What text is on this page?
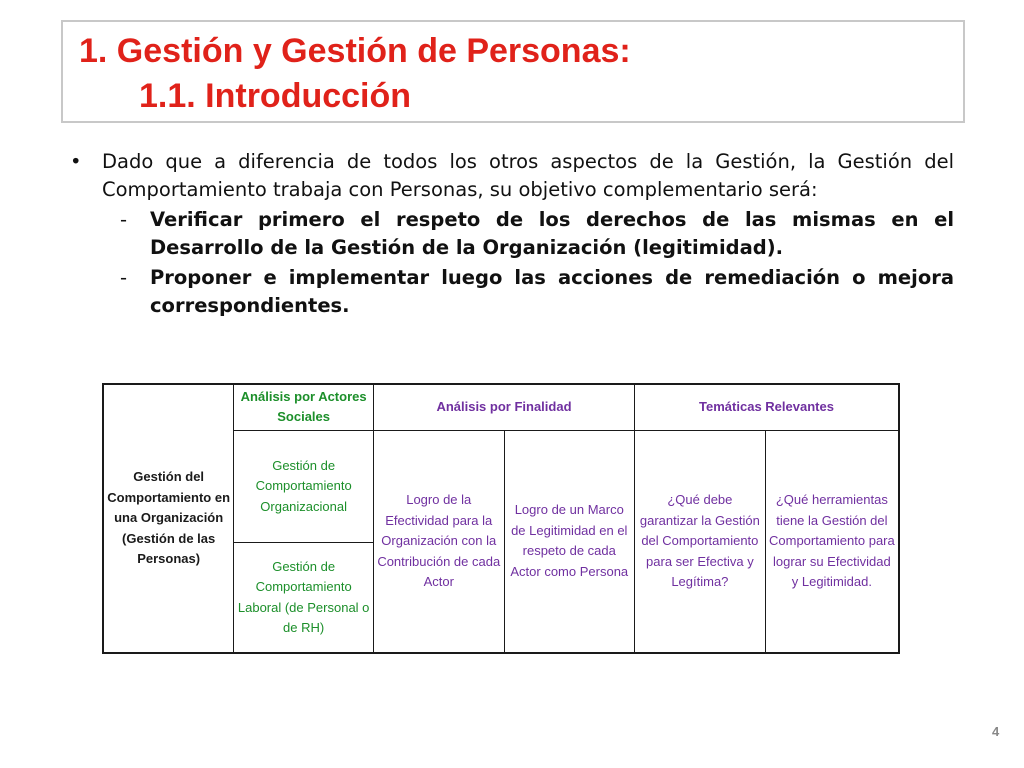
1. Gestión y Gestión de Personas:
1.1. Introducción
•	Dado que a diferencia de todos los otros aspectos de la Gestión, la Gestión del Comportamiento trabaja con Personas, su objetivo complementario será:
-	Verificar primero el respeto de los derechos de las mismas en el Desarrollo de la Gestión de la Organización (legitimidad).
-	Proponer e implementar luego las acciones de remediación o mejora correspondientes.
Gestión del Comportamiento en una Organización (Gestión de las Personas)	Análisis por Actores Sociales	Análisis por Finalidad		Temáticas Relevantes	
	Gestión de Comportamiento Organizacional	Logro de la Efectividad para la Organización con la Contribución de cada Actor	Logro de un Marco de Legitimidad en el respeto de cada Actor como Persona	¿Qué debe garantizar la Gestión del Comportamiento para ser Efectiva y Legítima?	¿Qué herramientas tiene la Gestión del Comportamiento para lograr su Efectividad y Legitimidad.
	Gestión de Comportamiento Laboral (de Personal o de RH)				
4
